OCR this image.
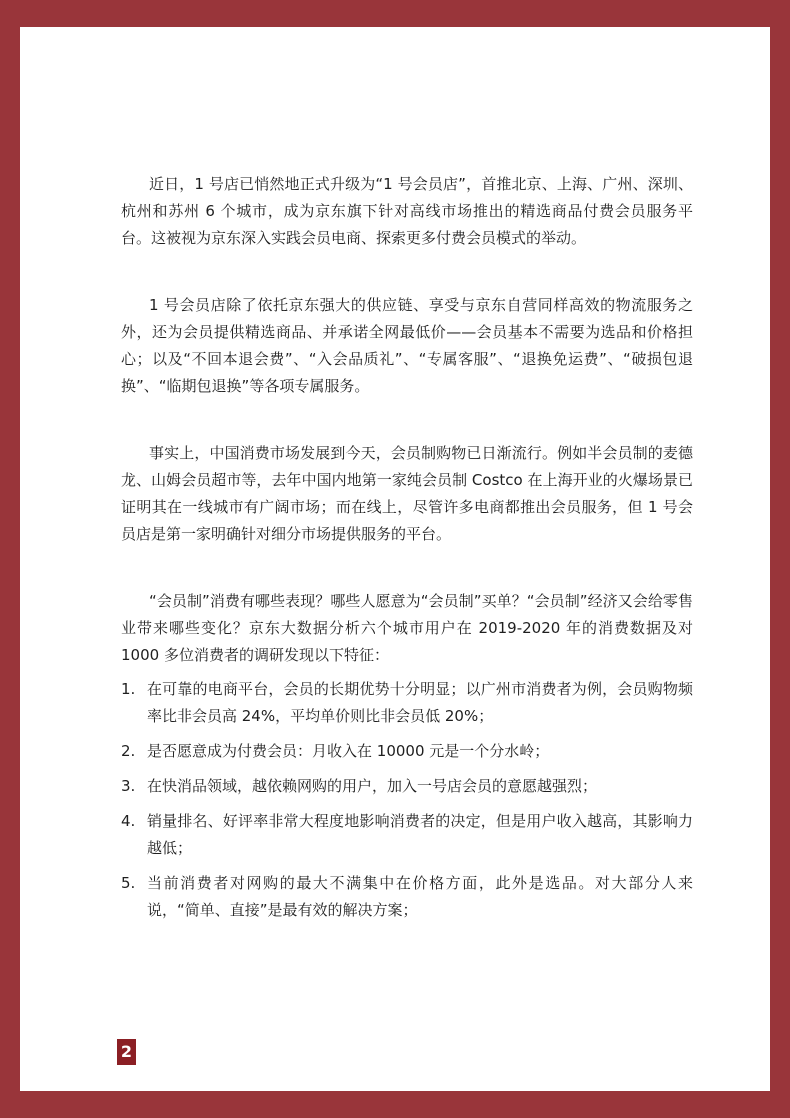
近日，1 号店已悄然地正式升级为“1 号会员店”，首推北京、上海、广州、深圳、杭州和苏州 6 个城市，成为京东旗下针对高线市场推出的精选商品付费会员服务平台。这被视为京东深入实践会员电商、探索更多付费会员模式的举动。

1 号会员店除了依托京东强大的供应链、享受与京东自营同样高效的物流服务之外，还为会员提供精选商品、并承诺全网最低价——会员基本不需要为选品和价格担心；以及“不回本退会费”、“入会品质礼”、“专属客服”、“退换免运费”、“破损包退换”、“临期包退换”等各项专属服务。

事实上，中国消费市场发展到今天，会员制购物已日渐流行。例如半会员制的麦德龙、山姆会员超市等，去年中国内地第一家纯会员制 Costco 在上海开业的火爆场景已证明其在一线城市有广阔市场；而在线上，尽管许多电商都推出会员服务，但 1 号会员店是第一家明确针对细分市场提供服务的平台。

“会员制”消费有哪些表现？哪些人愿意为“会员制”买单？“会员制”经济又会给零售业带来哪些变化？京东大数据分析六个城市用户在 2019-2020 年的消费数据及对 1000 多位消费者的调研发现以下特征：

1. 在可靠的电商平台，会员的长期优势十分明显；以广州市消费者为例，会员购物频率比非会员高 24%，平均单价则比非会员低 20%；
2. 是否愿意成为付费会员：月收入在 10000 元是一个分水岭；
3. 在快消品领域，越依赖网购的用户，加入一号店会员的意愿越强烈；
4. 销量排名、好评率非常大程度地影响消费者的决定，但是用户收入越高，其影响力越低；
5. 当前消费者对网购的最大不满集中在价格方面，此外是选品。对大部分人来说，“简单、直接”是最有效的解决方案；
2
